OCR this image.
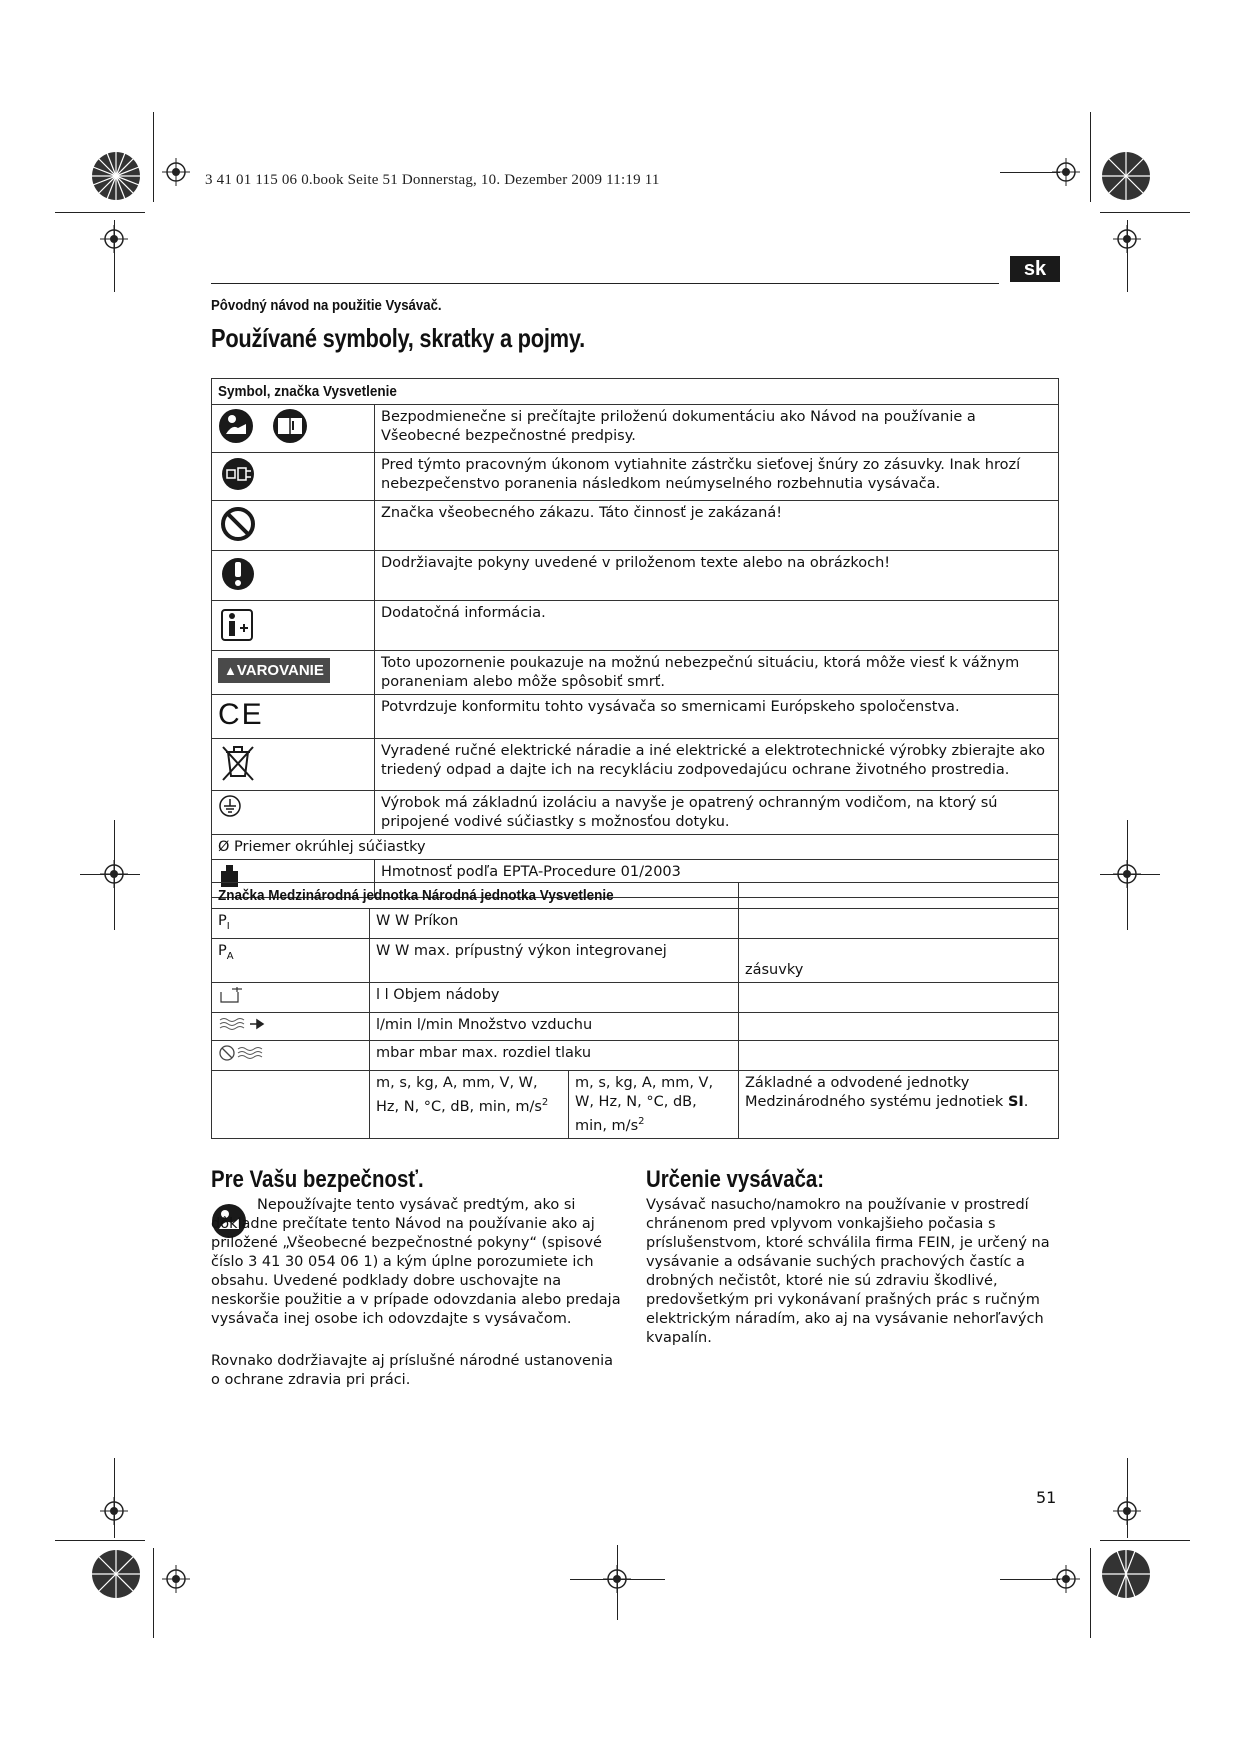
3 41 01 115 06 0.book Seite 51 Donnerstag, 10. Dezember 2009 11:19 11
sk
Pôvodný návod na použitie Vysávač.
Používané symboly, skratky a pojmy.
Symbol, značka Vysvetlenie	
	Bezpodmienečne si prečítajte priloženú dokumentáciu ako Návod na používanie a Všeobecné bezpečnostné predpisy.
	Pred týmto pracovným úkonom vytiahnite zástrčku sieťovej šnúry zo zásuvky. Inak hrozí nebezpečenstvo poranenia následkom neúmyselného rozbehnutia vysávača.
	Značka všeobecného zákazu. Táto činnosť je zakázaná!
	Dodržiavajte pokyny uvedené v priloženom texte alebo na obrázkoch!
	Dodatočná informácia.
▲VAROVANIE	Toto upozornenie poukazuje na možnú nebezpečnú situáciu, ktorá môže viesť k vážnym poraneniam alebo môže spôsobiť smrť.
CE	Potvrdzuje konformitu tohto vysávača so smernicami Európskeho spoločenstva.
	Vyradené ručné elektrické náradie a iné elektrické a elektrotechnické výrobky zbierajte ako triedený odpad a dajte ich na recykláciu zodpovedajúcu ochrane životného prostredia.
	Výrobok má základnú izoláciu a navyše je opatrený ochranným vodičom, na ktorý sú pripojené vodivé súčiastky s možnosťou dotyku.
Ø Priemer okrúhlej súčiastky	
	Hmotnosť podľa EPTA-Procedure 01/2003
Značka Medzinárodná jednotka Národná jednotka Vysvetlenie			
$P_I$	W W Príkon		
$P_A$	W W max. prípustný výkon integrovanej		zásuvky
	l l Objem nádoby		
	l/min l/min Množstvo vzduchu		
	mbar mbar max. rozdiel tlaku		
	m, s, kg, A, mm, V, W, Hz, N, °C, dB, min, $m/s^2$	m, s, kg, A, mm, V, W, Hz, N, °C, dB, min, $m/s^2$	Základné a odvodené jednotky Medzinárodného systému jednotiek SI.
Pre Vašu bezpečnosť.
Nepoužívajte tento vysávač predtým, ako si dôkladne prečítate tento Návod na používanie ako aj priložené „Všeobecné bezpečnostné pokyny“ (spisové číslo 3 41 30 054 06 1) a kým úplne porozumiete ich obsahu. Uvedené podklady dobre uschovajte na neskoršie použitie a v prípade odovzdania alebo predaja vysávača inej osobe ich odovzdajte s vysávačom.
Rovnako dodržiavajte aj príslušné národné ustanovenia o ochrane zdravia pri práci.
Určenie vysávača:
Vysávač nasucho/namokro na používanie v prostredí chránenom pred vplyvom vonkajšieho počasia s príslušenstvom, ktoré schválila firma FEIN, je určený na vysávanie a odsávanie suchých prachových častíc a drobných nečistôt, ktoré nie sú zdraviu škodlivé, predovšetkým pri vykonávaní prašných prác s ručným elektrickým náradím, ako aj na vysávanie nehorľavých kvapalín.
51
